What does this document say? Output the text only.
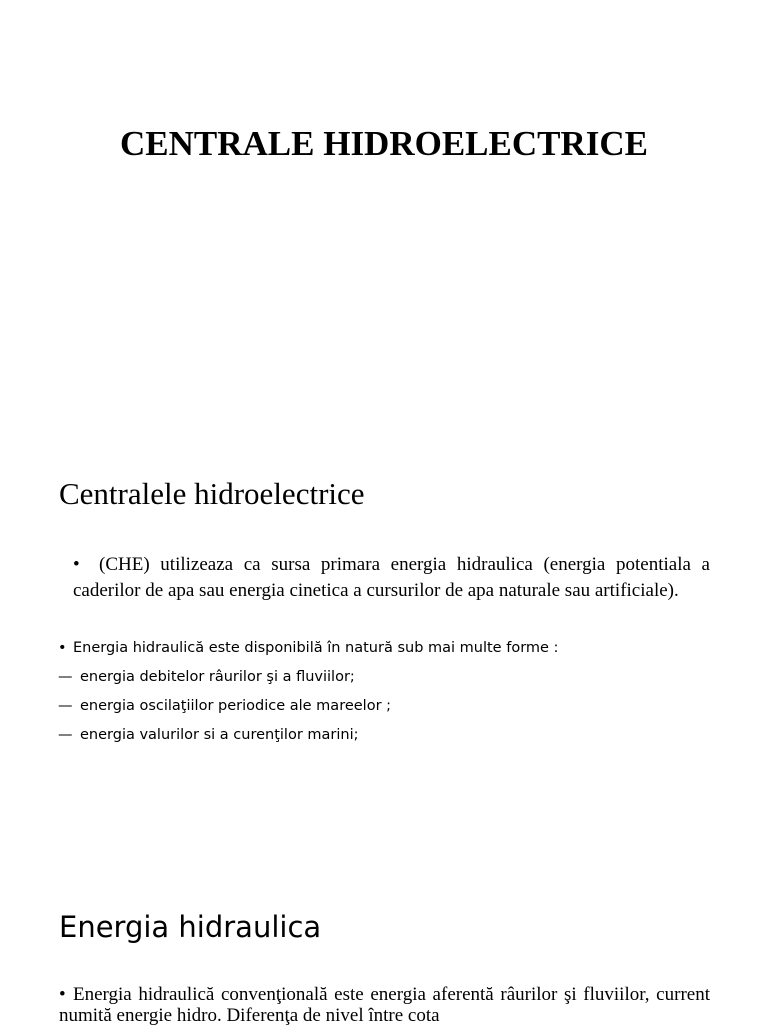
CENTRALE HIDROELECTRICE
Centralele hidroelectrice

• (CHE) utilizeaza ca sursa primara energia hidraulica (energia potentiala a caderilor de apa sau energia cinetica a cursurilor de apa naturale sau artificiale).

• Energia hidraulică este disponibilă în natură sub mai multe forme :

— energia debitelor râurilor şi a fluviilor;

— energia oscilaţiilor periodice ale mareelor ;

— energia valurilor si a curenţilor marini;

Energia hidraulica

• Energia hidraulică convenţională este energia aferentă râurilor şi fluviilor, current numită energie hidro. Diferenţa de nivel între cota
